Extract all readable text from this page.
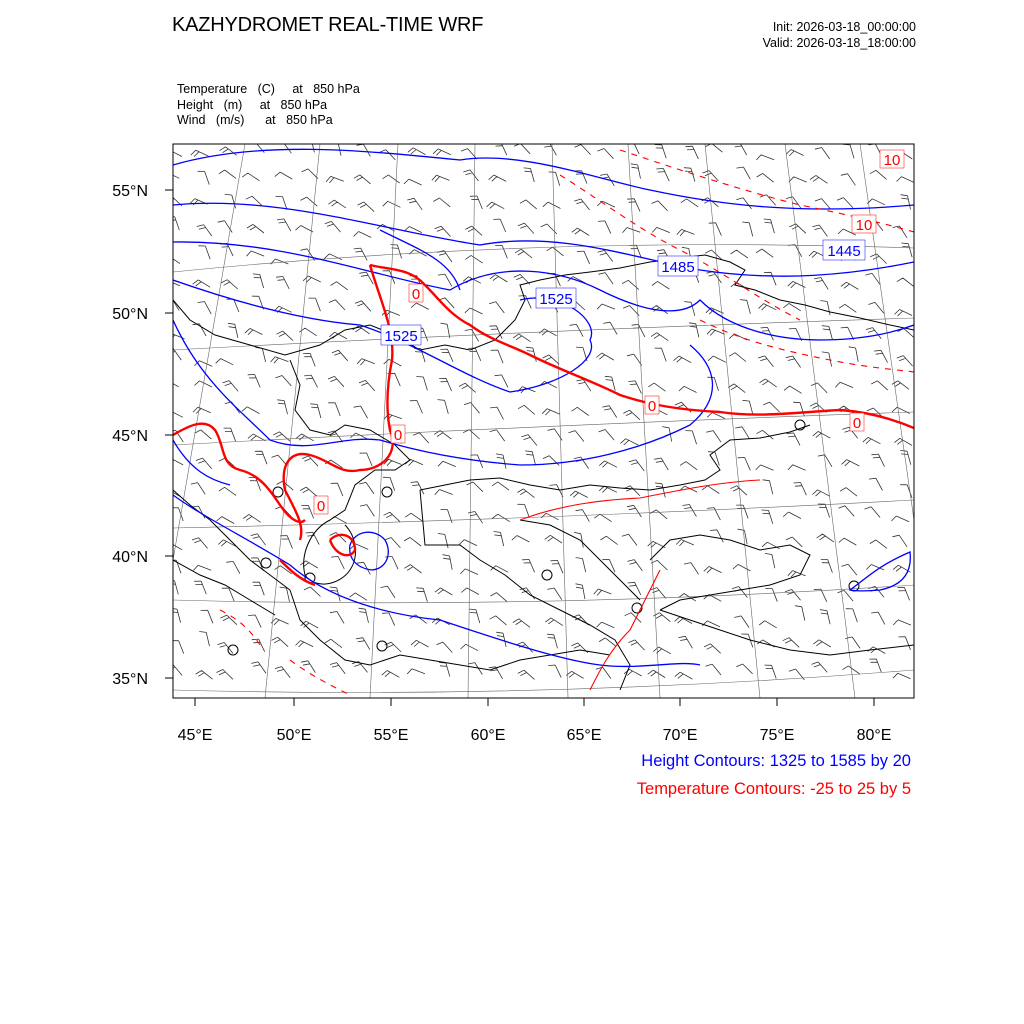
KAZHYDROMET REAL-TIME WRF	Init: 2026-03-18_00:00:00
Valid: 2026-03-18_18:00:00
Temperature (C) at 850 hPa
Height (m) at 850 hPa
Wind (m/s) at 850 hPa
1525
1525
1485
1445
0
0
0
0
0
10
10
45°E	50°E	55°E	60°E	65°E	70°E	75°E	80°E
55°N
50°N
45°N
40°N
35°N
Height Contours: 1325 to 1585 by 20
Temperature Contours: -25 to 25 by 5
